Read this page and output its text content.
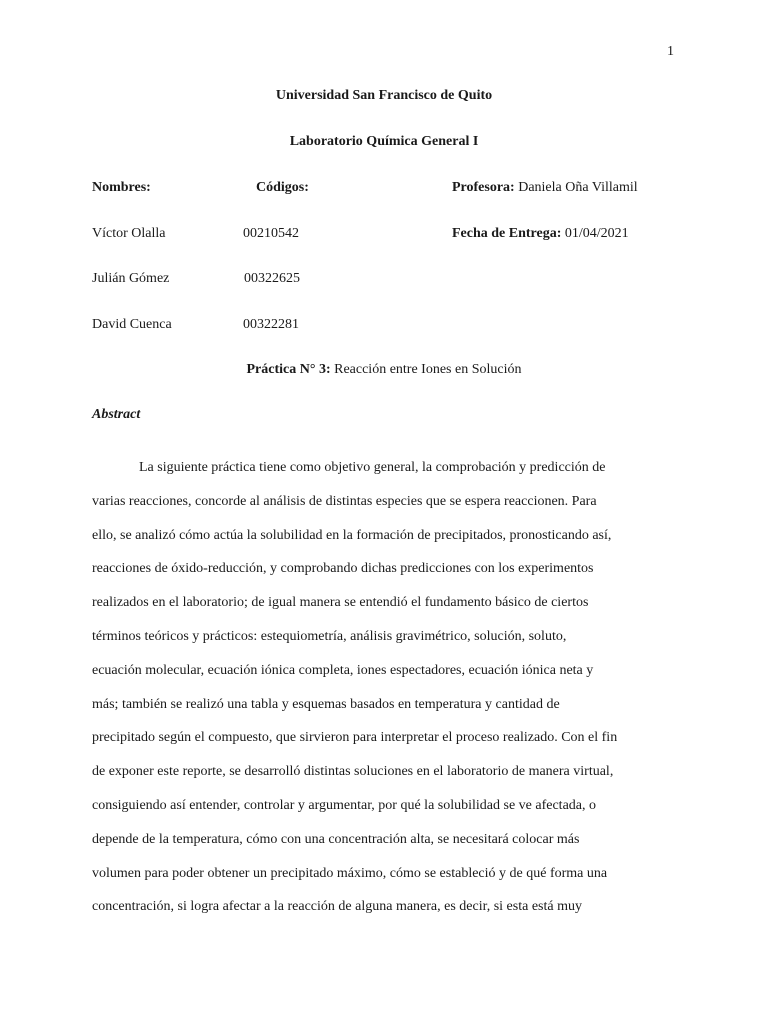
1
Universidad San Francisco de Quito
Laboratorio Química General I
Nombres:	Códigos:	Profesora: Daniela Oña Villamil
Víctor Olalla	00210542	Fecha de Entrega: 01/04/2021
Julián Gómez	00322625
David Cuenca	00322281
Práctica N° 3: Reacción entre Iones en Solución
Abstract
La siguiente práctica tiene como objetivo general, la comprobación y predicción de
varias reacciones, concorde al análisis de distintas especies que se espera reaccionen. Para
ello, se analizó cómo actúa la solubilidad en la formación de precipitados, pronosticando así,
reacciones de óxido-reducción, y comprobando dichas predicciones con los experimentos
realizados en el laboratorio; de igual manera se entendió el fundamento básico de ciertos
términos teóricos y prácticos: estequiometría, análisis gravimétrico, solución, soluto,
ecuación molecular, ecuación iónica completa, iones espectadores, ecuación iónica neta y
más; también se realizó una tabla y esquemas basados en temperatura y cantidad de
precipitado según el compuesto, que sirvieron para interpretar el proceso realizado. Con el fin
de exponer este reporte, se desarrolló distintas soluciones en el laboratorio de manera virtual,
consiguiendo así entender, controlar y argumentar, por qué la solubilidad se ve afectada, o
depende de la temperatura, cómo con una concentración alta, se necesitará colocar más
volumen para poder obtener un precipitado máximo, cómo se estableció y de qué forma una
concentración, si logra afectar a la reacción de alguna manera, es decir, si esta está muy
